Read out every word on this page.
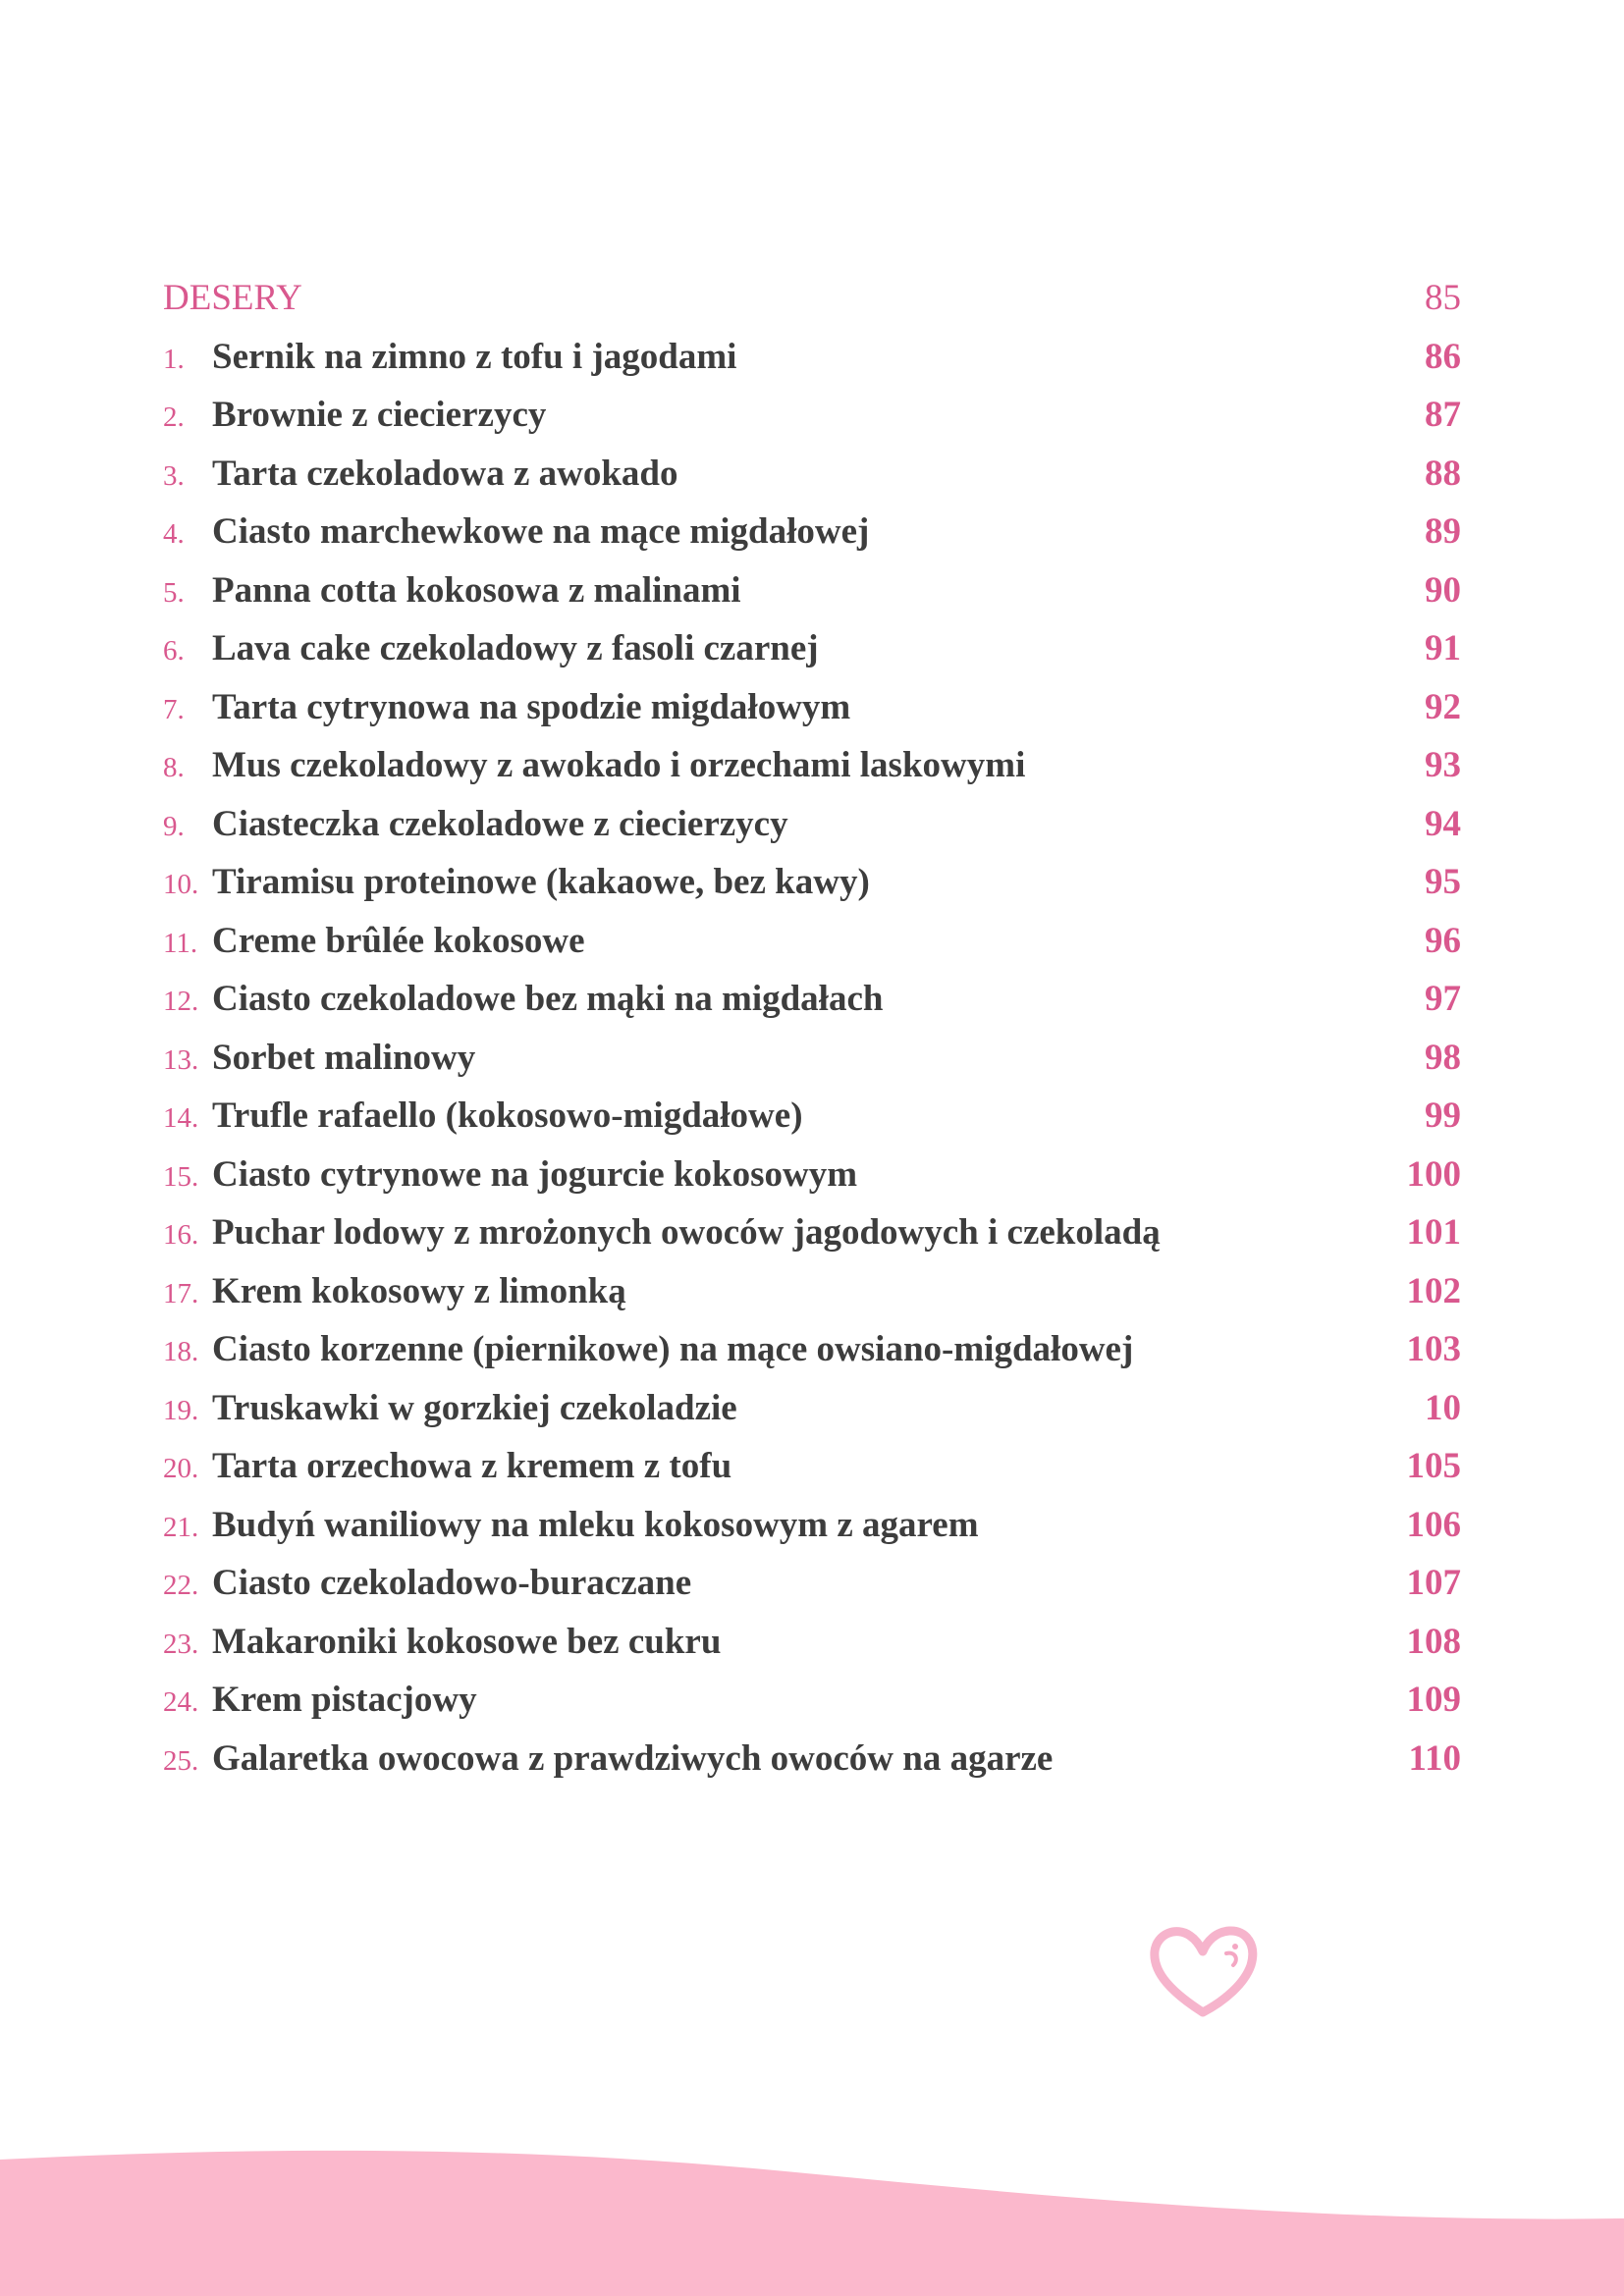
DESERY	85
1. Sernik na zimno z tofu i jagodami	86
2. Brownie z ciecierzycy	87
3. Tarta czekoladowa z awokado	88
4. Ciasto marchewkowe na mące migdałowej	89
5. Panna cotta kokosowa z malinami	90
6. Lava cake czekoladowy z fasoli czarnej	91
7. Tarta cytrynowa na spodzie migdałowym	92
8. Mus czekoladowy z awokado i orzechami laskowymi	93
9. Ciasteczka czekoladowe z ciecierzycy	94
10. Tiramisu proteinowe (kakaowe, bez kawy)	95
11. Creme brûlée kokosowe	96
12. Ciasto czekoladowe bez mąki na migdałach	97
13. Sorbet malinowy	98
14. Trufle rafaello (kokosowo-migdałowe)	99
15. Ciasto cytrynowe na jogurcie kokosowym	100
16. Puchar lodowy z mrożonych owoców jagodowych i czekoladą	101
17. Krem kokosowy z limonką	102
18. Ciasto korzenne (piernikowe) na mące owsiano-migdałowej	103
19. Truskawki w gorzkiej czekoladzie	10
20. Tarta orzechowa z kremem z tofu	105
21. Budyń waniliowy na mleku kokosowym z agarem	106
22. Ciasto czekoladowo-buraczane	107
23. Makaroniki kokosowe bez cukru	108
24. Krem pistacjowy	109
25. Galaretka owocowa z prawdziwych owoców na agarze	110
